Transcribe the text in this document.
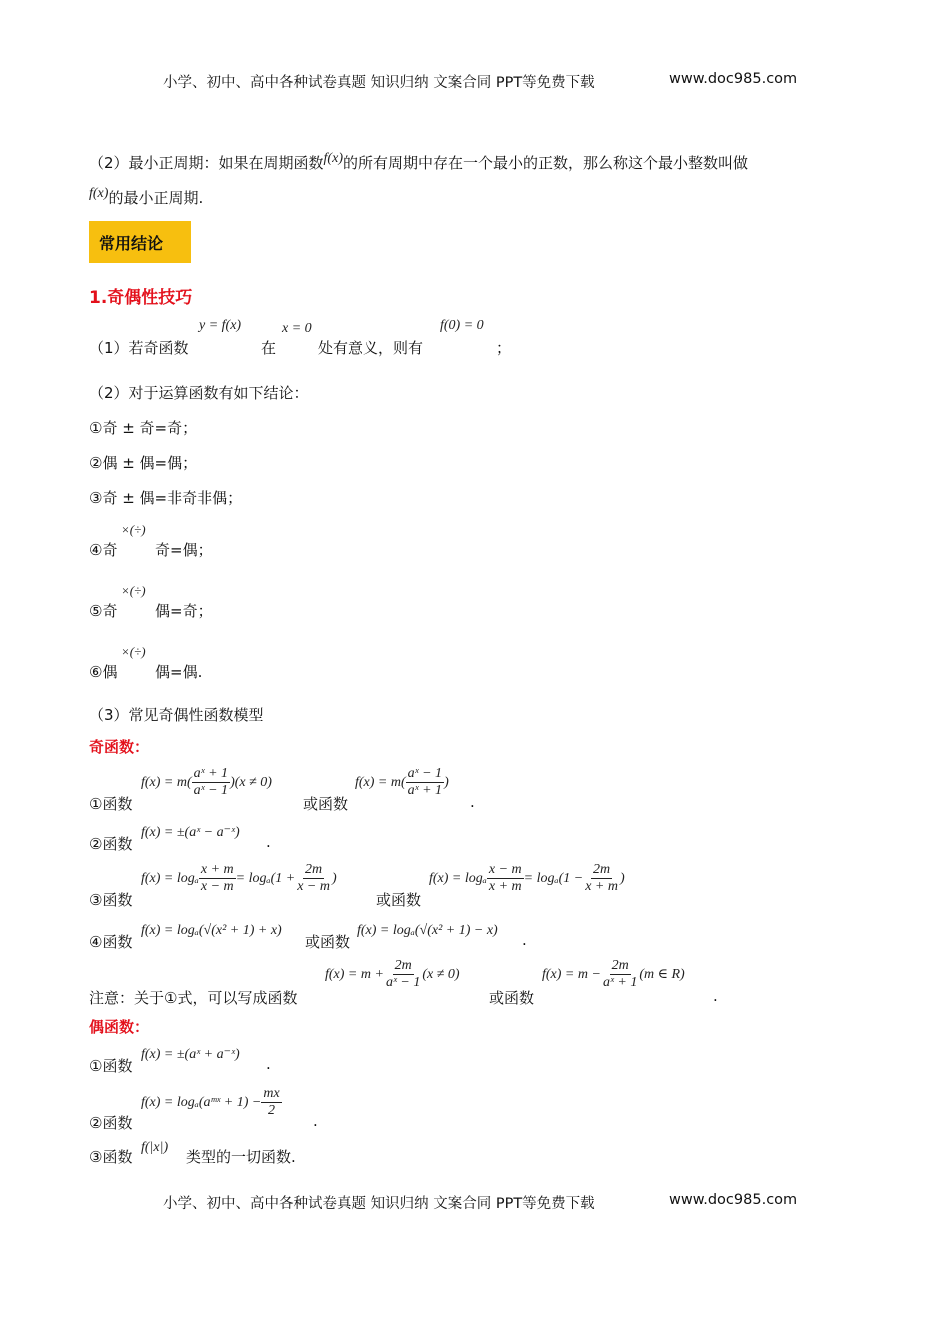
小学、初中、高中各种试卷真题 知识归纳 文案合同 PPT等免费下载	www.doc985.com
（2）最小正周期：如果在周期函数f(x)的所有周期中存在一个最小的正数，那么称这个最小整数叫做
f(x)的最小正周期.
常用结论
1.奇偶性技巧
（1）若奇函数
y = f(x)
在
x = 0
处有意义，则有
f(0) = 0
；
（2）对于运算函数有如下结论：
①奇 ± 奇=奇；
②偶 ± 偶=偶；
③奇 ± 偶=非奇非偶；
×(÷)
④奇	奇=偶；
×(÷)
⑤奇	偶=奇；
×(÷)
⑥偶	偶=偶.
（3）常见奇偶性函数模型
奇函数：
①函数
$f(x) = m( \frac{\text{aˣ + 1}}{\text{aˣ − 1}} )(x \ne 0)$
或函数
$f(x) = m( \frac{\text{aˣ − 1}}{\text{aˣ + 1}}$ )
.
②函数
f(x) = ±(aˣ − a⁻ˣ)
.
③函数
f(x) = logₐ $\frac{x + m}{x - m} = \log_a(1 + \frac{2m}{x - m}$ )
或函数
f(x) = logₐ $\frac{x - m}{x + m} = \log_a(1 - \frac{2m}{x + m}$ )
④函数
f(x) = logₐ(√(x² + 1) + x)
或函数
f(x) = logₐ(√(x² + 1) − x)
.
注意：关于①式，可以写成函数
$f(x) = m + \frac{2m}{\text{aˣ − 1}} (x \ne 0)$
或函数
$f(x) = m - \frac{2m}{\text{aˣ + 1}} (m$ ∈ R)
.
偶函数：
①函数
f(x) = ±(aˣ + a⁻ˣ)
.
②函数
f(x) = logₐ(aᵐˣ + $1) - \frac{mx}{2}$
.
③函数
f(|x|)
类型的一切函数.
小学、初中、高中各种试卷真题 知识归纳 文案合同 PPT等免费下载	www.doc985.com
